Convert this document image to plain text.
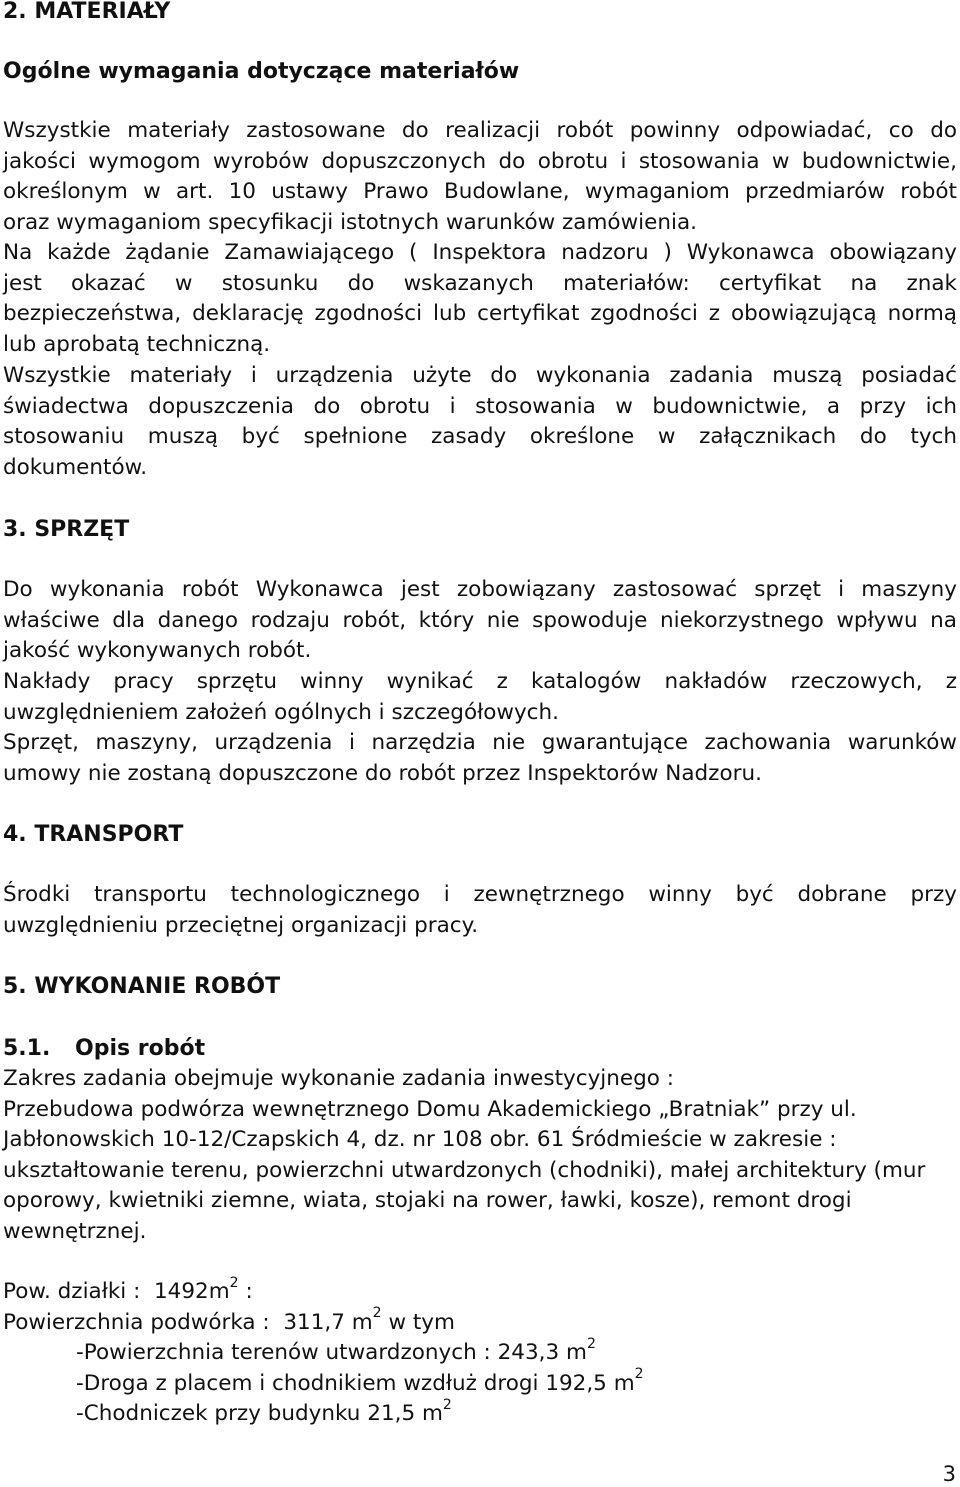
2. MATERIAŁY
Ogólne wymagania dotyczące materiałów
Wszystkie materiały zastosowane do realizacji robót powinny odpowiadać, co do
jakości wymogom wyrobów dopuszczonych do obrotu i stosowania w budownictwie,
określonym w art. 10 ustawy Prawo Budowlane, wymaganiom przedmiarów robót
oraz wymaganiom specyfikacji istotnych warunków zamówienia.
Na każde żądanie Zamawiającego ( Inspektora nadzoru ) Wykonawca obowiązany
jest okazać w stosunku do wskazanych materiałów: certyfikat na znak
bezpieczeństwa, deklarację zgodności lub certyfikat zgodności z obowiązującą normą
lub aprobatą techniczną.
Wszystkie materiały i urządzenia użyte do wykonania zadania muszą posiadać
świadectwa dopuszczenia do obrotu i stosowania w budownictwie, a przy ich
stosowaniu muszą być spełnione zasady określone w załącznikach do tych
dokumentów.
3. SPRZĘT
Do wykonania robót Wykonawca jest zobowiązany zastosować sprzęt i maszyny
właściwe dla danego rodzaju robót, który nie spowoduje niekorzystnego wpływu na
jakość wykonywanych robót.
Nakłady pracy sprzętu winny wynikać z katalogów nakładów rzeczowych, z
uwzględnieniem założeń ogólnych i szczegółowych.
Sprzęt, maszyny, urządzenia i narzędzia nie gwarantujące zachowania warunków
umowy nie zostaną dopuszczone do robót przez Inspektorów Nadzoru.
4. TRANSPORT
Środki transportu technologicznego i zewnętrznego winny być dobrane przy
uwzględnieniu przeciętnej organizacji pracy.
5. WYKONANIE ROBÓT
5.1. Opis robót
Zakres zadania obejmuje wykonanie zadania inwestycyjnego :
Przebudowa podwórza wewnętrznego Domu Akademickiego „Bratniak” przy ul.
Jabłonowskich 10-12/Czapskich 4, dz. nr 108 obr. 61 Śródmieście w zakresie :
ukształtowanie terenu, powierzchni utwardzonych (chodniki), małej architektury (mur
oporowy, kwietniki ziemne, wiata, stojaki na rower, ławki, kosze), remont drogi
wewnętrznej.
Pow. działki : $1492m^2$ :
Powierzchnia podwórka : 311,7 $m^2$ w tym
-Powierzchnia terenów utwardzonych : 243,3 $m^2$
-Droga z placem i chodnikiem wzdłuż drogi 192,5 $m^2$
-Chodniczek przy budynku 21,5 $m^2$
3
